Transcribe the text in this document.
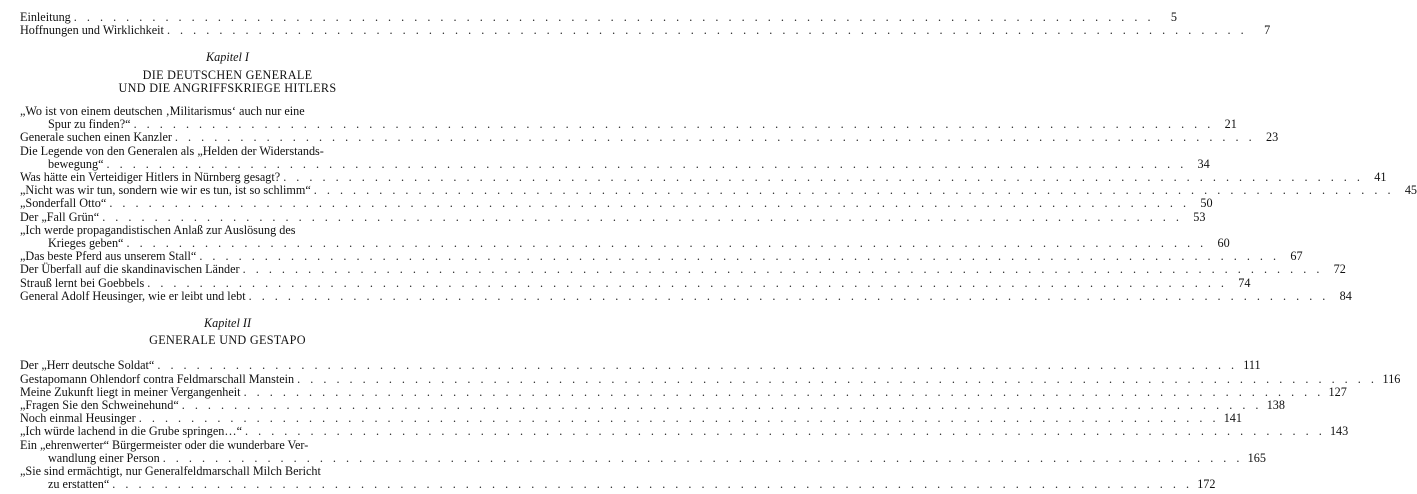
Einleitung . . .	5
Hoffnungen und Wirklichkeit . . .	7
Kapitel I
DIE DEUTSCHEN GENERALE
UND DIE ANGRIFFSKRIEGE HITLERS
„Wo ist von einem deutschen ‚Militarismus‘ auch nur eine
Spur zu finden?“ . . .	21
Generale suchen einen Kanzler . . .	23
Die Legende von den Generalen als „Helden der Widerstands-
bewegung“ . . .	34
Was hätte ein Verteidiger Hitlers in Nürnberg gesagt? . . .	41
„Nicht was wir tun, sondern wie wir es tun, ist so schlimm“ . . .	45
„Sonderfall Otto“ . . .	50
Der „Fall Grün“ . . .	53
„Ich werde propagandistischen Anlaß zur Auslösung des
Krieges geben“ . . .	60
„Das beste Pferd aus unserem Stall“ . . .	67
Der Überfall auf die skandinavischen Länder . . .	72
Strauß lernt bei Goebbels . . .	74
General Adolf Heusinger, wie er leibt und lebt . . .	84
Kapitel II
GENERALE UND GESTAPO
Der „Herr deutsche Soldat“ . . .	111
Gestapomann Ohlendorf contra Feldmarschall Manstein . . .	116
Meine Zukunft liegt in meiner Vergangenheit . . .	127
„Fragen Sie den Schweinehund“ . . .	138
Noch einmal Heusinger . . .	141
„Ich würde lachend in die Grube springen…“ . . .	143
Ein „ehrenwerter“ Bürgermeister oder die wunderbare Ver-
wandlung einer Person . . .	165
„Sie sind ermächtigt, nur Generalfeldmarschall Milch Bericht
zu erstatten“ . . .	172
